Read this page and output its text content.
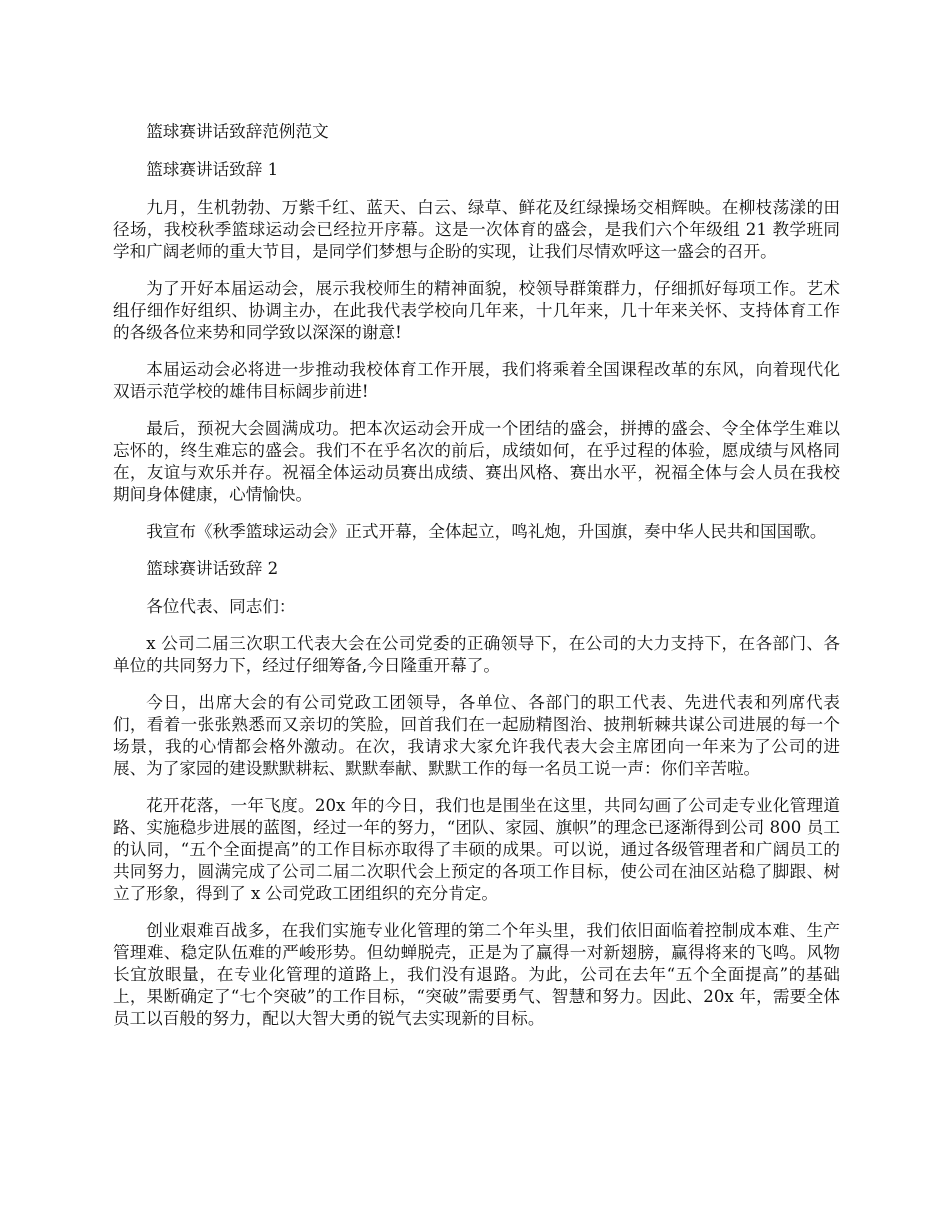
篮球赛讲话致辞范例范文

篮球赛讲话致辞 1

九月，生机勃勃、万紫千红、蓝天、白云、绿草、鲜花及红绿操场交相辉映。在柳枝荡漾的田径场，我校秋季篮球运动会已经拉开序幕。这是一次体育的盛会，是我们六个年级组 21 教学班同学和广阔老师的重大节目，是同学们梦想与企盼的实现，让我们尽情欢呼这一盛会的召开。

为了开好本届运动会，展示我校师生的精神面貌，校领导群策群力，仔细抓好每项工作。艺术组仔细作好组织、协调主办，在此我代表学校向几年来，十几年来，几十年来关怀、支持体育工作的各级各位来势和同学致以深深的谢意!

本届运动会必将进一步推动我校体育工作开展，我们将乘着全国课程改革的东风，向着现代化双语示范学校的雄伟目标阔步前进!

最后，预祝大会圆满成功。把本次运动会开成一个团结的盛会，拼搏的盛会、令全体学生难以忘怀的，终生难忘的盛会。我们不在乎名次的前后，成绩如何，在乎过程的体验，愿成绩与风格同在，友谊与欢乐并存。祝福全体运动员赛出成绩、赛出风格、赛出水平，祝福全体与会人员在我校期间身体健康，心情愉快。

我宣布《秋季篮球运动会》正式开幕，全体起立，鸣礼炮，升国旗，奏中华人民共和国国歌。

篮球赛讲话致辞 2

各位代表、同志们：

x 公司二届三次职工代表大会在公司党委的正确领导下，在公司的大力支持下，在各部门、各单位的共同努力下，经过仔细筹备,今日隆重开幕了。

今日，出席大会的有公司党政工团领导，各单位、各部门的职工代表、先进代表和列席代表们，看着一张张熟悉而又亲切的笑脸，回首我们在一起励精图治、披荆斩棘共谋公司进展的每一个场景，我的心情都会格外激动。在次，我请求大家允许我代表大会主席团向一年来为了公司的进展、为了家园的建设默默耕耘、默默奉献、默默工作的每一名员工说一声：你们辛苦啦。

花开花落，一年飞度。20x 年的今日，我们也是围坐在这里，共同勾画了公司走专业化管理道路、实施稳步进展的蓝图，经过一年的努力，“团队、家园、旗帜”的理念已逐渐得到公司 800 员工的认同，“五个全面提高”的工作目标亦取得了丰硕的成果。可以说，通过各级管理者和广阔员工的共同努力，圆满完成了公司二届二次职代会上预定的各项工作目标，使公司在油区站稳了脚跟、树立了形象，得到了 x 公司党政工团组织的充分肯定。

创业艰难百战多，在我们实施专业化管理的第二个年头里，我们依旧面临着控制成本难、生产管理难、稳定队伍难的严峻形势。但幼蝉脱壳，正是为了赢得一对新翅膀，赢得将来的飞鸣。风物长宜放眼量，在专业化管理的道路上，我们没有退路。为此，公司在去年“五个全面提高”的基础上，果断确定了“七个突破”的工作目标，“突破”需要勇气、智慧和努力。因此、20x 年，需要全体员工以百般的努力，配以大智大勇的锐气去实现新的目标。
